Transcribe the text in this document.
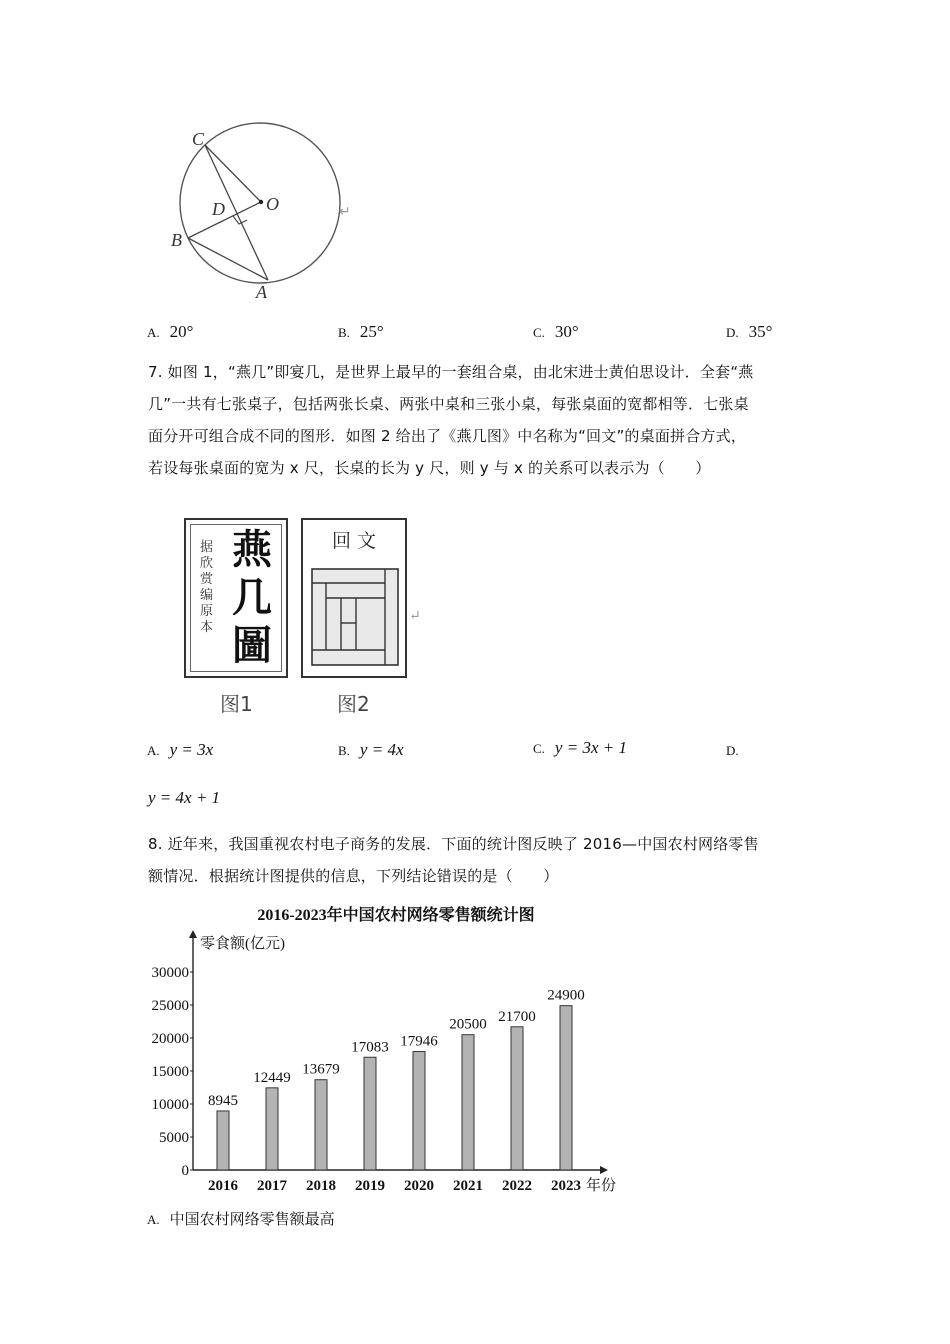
C
O
D
B
A
↵
A. 20°	B. 25°	C. 30°	D. 35°
7. 如图 1，“燕几”即宴几，是世界上最早的一套组合桌，由北宋进士黄伯思设计．全套“燕
几”一共有七张桌子，包括两张长桌、两张中桌和三张小桌，每张桌面的宽都相等．七张桌
面分开可组合成不同的图形．如图 2 给出了《燕几图》中名称为“回文”的桌面拼合方式，
若设每张桌面的宽为 x 尺，长桌的长为 y 尺，则 y 与 x 的关系可以表示为（　　）
据
欣
赏
编
原
本
燕
几
圖
图1
回 文
↵
图2
A. y = 3x	B. y = 4x	C. y = 3x + 1	D.
y = 4x + 1
8. 近年来，我国重视农村电子商务的发展．下面的统计图反映了 2016—中国农村网络零售
额情况．根据统计图提供的信息，下列结论错误的是（　　）
2016-2023年中国农村网络零售额统计图
零食额(亿元)
年份
0
5000
10000
15000
20000
25000
30000
8945
2016
12449
2017
13679
2018
17083
2019
17946
2020
20500
2021
21700
2022
24900
2023
A. 中国农村网络零售额最高
